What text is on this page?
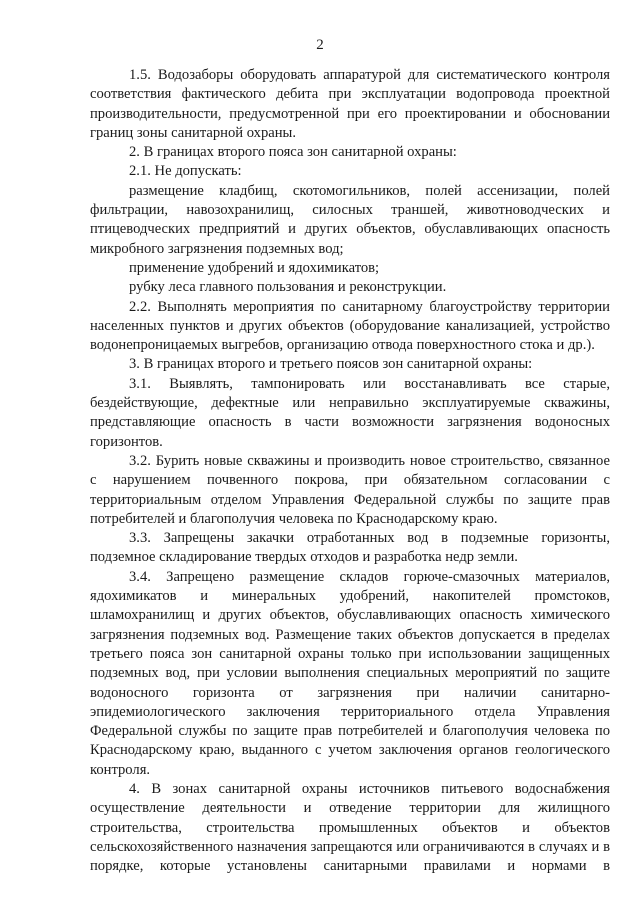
2

1.5. Водозаборы оборудовать аппаратурой для систематического контроля соответствия фактического дебита при эксплуатации водопровода проектной производительности, предусмотренной при его проектировании и обосновании границ зоны санитарной охраны.

2. В границах второго пояса зон санитарной охраны:

2.1. Не допускать:

размещение кладбищ, скотомогильников, полей ассенизации, полей фильтрации, навозохранилищ, силосных траншей, животноводческих и птицеводческих предприятий и других объектов, обуславливающих опасность микробного загрязнения подземных вод;

применение удобрений и ядохимикатов;

рубку леса главного пользования и реконструкции.

2.2. Выполнять мероприятия по санитарному благоустройству территории населенных пунктов и других объектов (оборудование канализацией, устройство водонепроницаемых выгребов, организацию отвода поверхностного стока и др.).

3. В границах второго и третьего поясов зон санитарной охраны:

3.1. Выявлять, тампонировать или восстанавливать все старые, бездействующие, дефектные или неправильно эксплуатируемые скважины, представляющие опасность в части возможности загрязнения водоносных горизонтов.

3.2. Бурить новые скважины и производить новое строительство, связанное с нарушением почвенного покрова, при обязательном согласовании с территориальным отделом Управления Федеральной службы по защите прав потребителей и благополучия человека по Краснодарскому краю.

3.3. Запрещены закачки отработанных вод в подземные горизонты, подземное складирование твердых отходов и разработка недр земли.

3.4. Запрещено размещение складов горюче-смазочных материалов, ядохимикатов и минеральных удобрений, накопителей промстоков, шламохранилищ и других объектов, обуславливающих опасность химического загрязнения подземных вод. Размещение таких объектов допускается в пределах третьего пояса зон санитарной охраны только при использовании защищенных подземных вод, при условии выполнения специальных мероприятий по защите водоносного горизонта от загрязнения при наличии санитарно-эпидемиологического заключения территориального отдела Управления Федеральной службы по защите прав потребителей и благополучия человека по Краснодарскому краю, выданного с учетом заключения органов геологического контроля.

4. В зонах санитарной охраны источников питьевого водоснабжения осуществление деятельности и отведение территории для жилищного строительства, строительства промышленных объектов и объектов сельскохозяйственного назначения запрещаются или ограничиваются в случаях и в порядке, которые установлены санитарными правилами и нормами в
